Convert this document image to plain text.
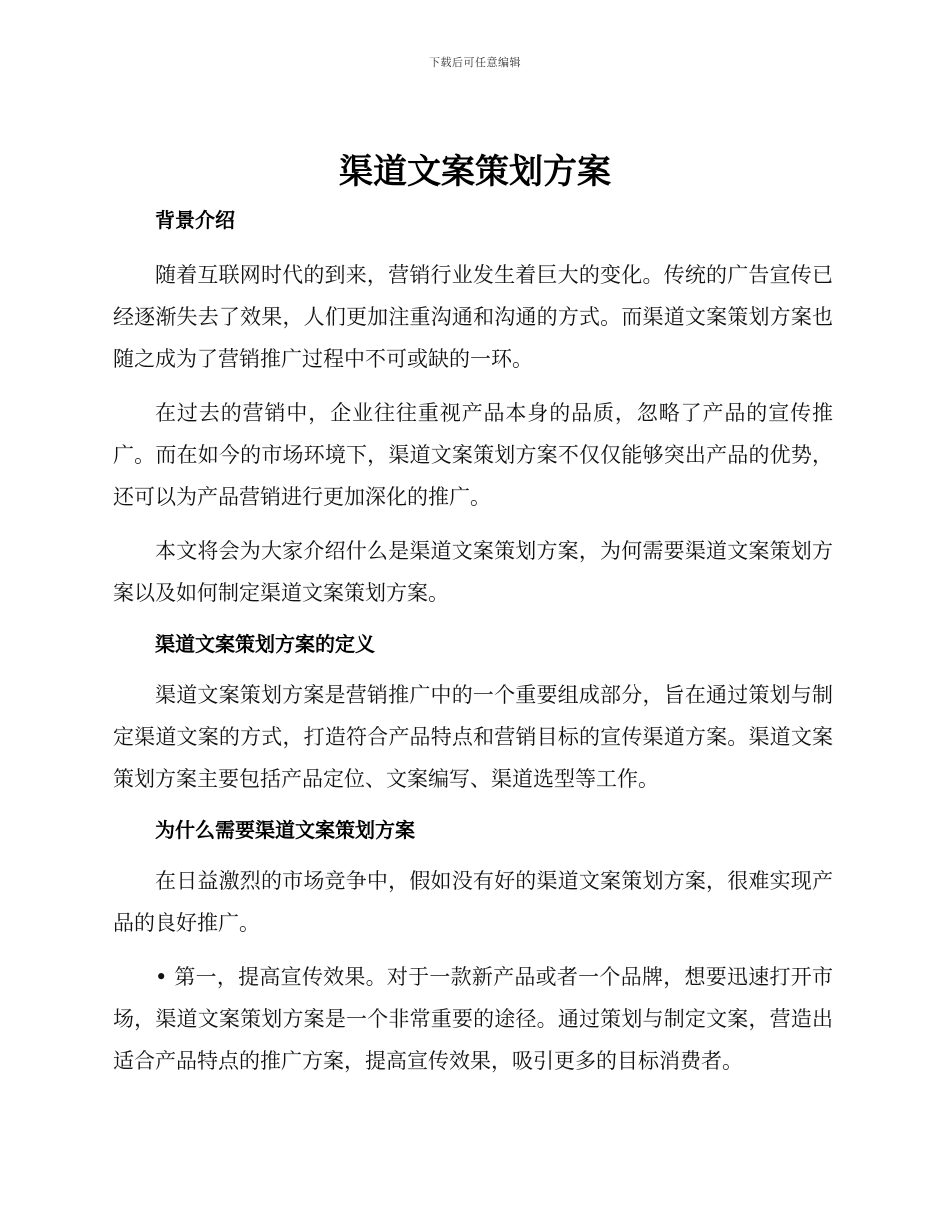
下载后可任意编辑
渠道文案策划方案
背景介绍

随着互联网时代的到来，营销行业发生着巨大的变化。传统的广告宣传已经逐渐失去了效果，人们更加注重沟通和沟通的方式。而渠道文案策划方案也随之成为了营销推广过程中不可或缺的一环。

在过去的营销中，企业往往重视产品本身的品质，忽略了产品的宣传推广。而在如今的市场环境下，渠道文案策划方案不仅仅能够突出产品的优势，还可以为产品营销进行更加深化的推广。

本文将会为大家介绍什么是渠道文案策划方案，为何需要渠道文案策划方案以及如何制定渠道文案策划方案。

渠道文案策划方案的定义

渠道文案策划方案是营销推广中的一个重要组成部分，旨在通过策划与制定渠道文案的方式，打造符合产品特点和营销目标的宣传渠道方案。渠道文案策划方案主要包括产品定位、文案编写、渠道选型等工作。

为什么需要渠道文案策划方案

在日益激烈的市场竞争中，假如没有好的渠道文案策划方案，很难实现产品的良好推广。

• 第一，提高宣传效果。对于一款新产品或者一个品牌，想要迅速打开市场，渠道文案策划方案是一个非常重要的途径。通过策划与制定文案，营造出适合产品特点的推广方案，提高宣传效果，吸引更多的目标消费者。
